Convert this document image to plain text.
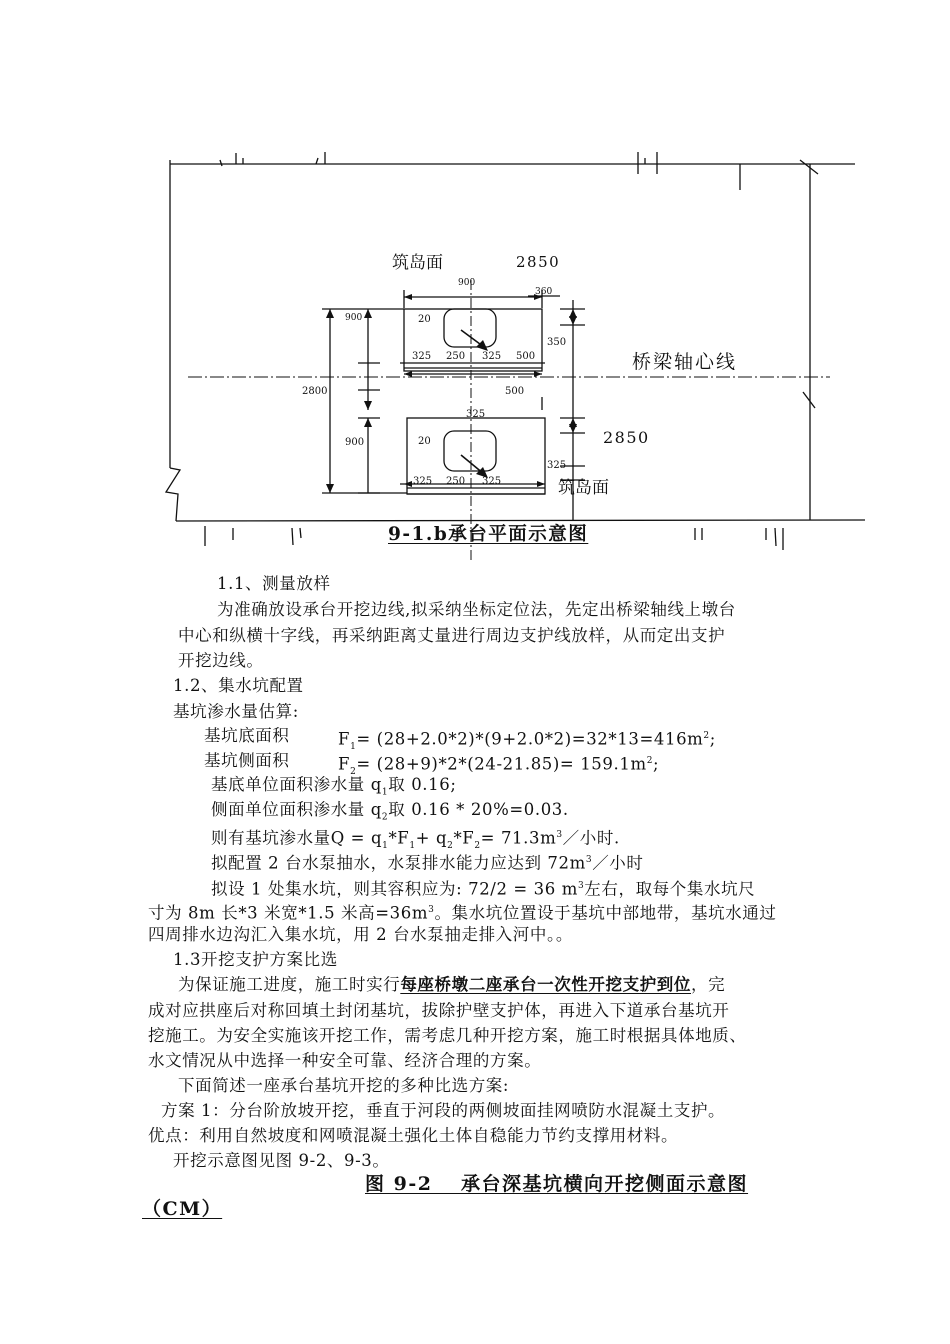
筑岛面	2850
900
360
900	20
350
325 250 325 500	桥梁轴心线
2800	500
325
900	20	2850
325
325 250 325	筑岛面
9-1.b承台平面示意图
1.1、测量放样
为准确放设承台开挖边线,拟采纳坐标定位法，先定出桥梁轴线上墩台
中心和纵横十字线，再采纳距离丈量进行周边支护线放样，从而定出支护
开挖边线。
1.2、集水坑配置
基坑渗水量估算:
基坑底面积	$F_1= (28+2.0*2)*(9+2.0*2)=32*13=416m^2$;
基坑侧面积	$F_2= (28+9)*2*(24-21.85)= 159.1m^2$;
基底单位面积渗水量 $q_1$取 0.16;
侧面单位面积渗水量 $q_2$取 0.16 * 20%=0.03.
则有基坑渗水量$Q = q_1*F_1+ q_2*F_2=$ $71.3m^3/$小时.
拟配置 2 台水泵抽水，水泵排水能力应达到 $72m^3/$小时
拟设 1 处集水坑，则其容积应为: 72/2 = 36 $m^3$左右，取每个集水坑尺
寸为 8m 长*3 米宽*1.5 米高$=36m^3$。集水坑位置设于基坑中部地带，基坑水通过
四周排水边沟汇入集水坑，用 2 台水泵抽走排入河中。。
1.3开挖支护方案比选
为保证施工进度，施工时实行每座桥墩二座承台一次性开挖支护到位，完
成对应拱座后对称回填土封闭基坑，拔除护壁支护体，再进入下道承台基坑开
挖施工。为安全实施该开挖工作，需考虑几种开挖方案，施工时根据具体地质、
水文情况从中选择一种安全可靠、经济合理的方案。
下面简述一座承台基坑开挖的多种比选方案:
方案 1：分台阶放坡开挖，垂直于河段的两侧坡面挂网喷防水混凝土支护。
优点：利用自然坡度和网喷混凝土强化土体自稳能力节约支撑用材料。
开挖示意图见图 9-2、9-3。
图 9-2　 承台深基坑横向开挖侧面示意图
（CM）
